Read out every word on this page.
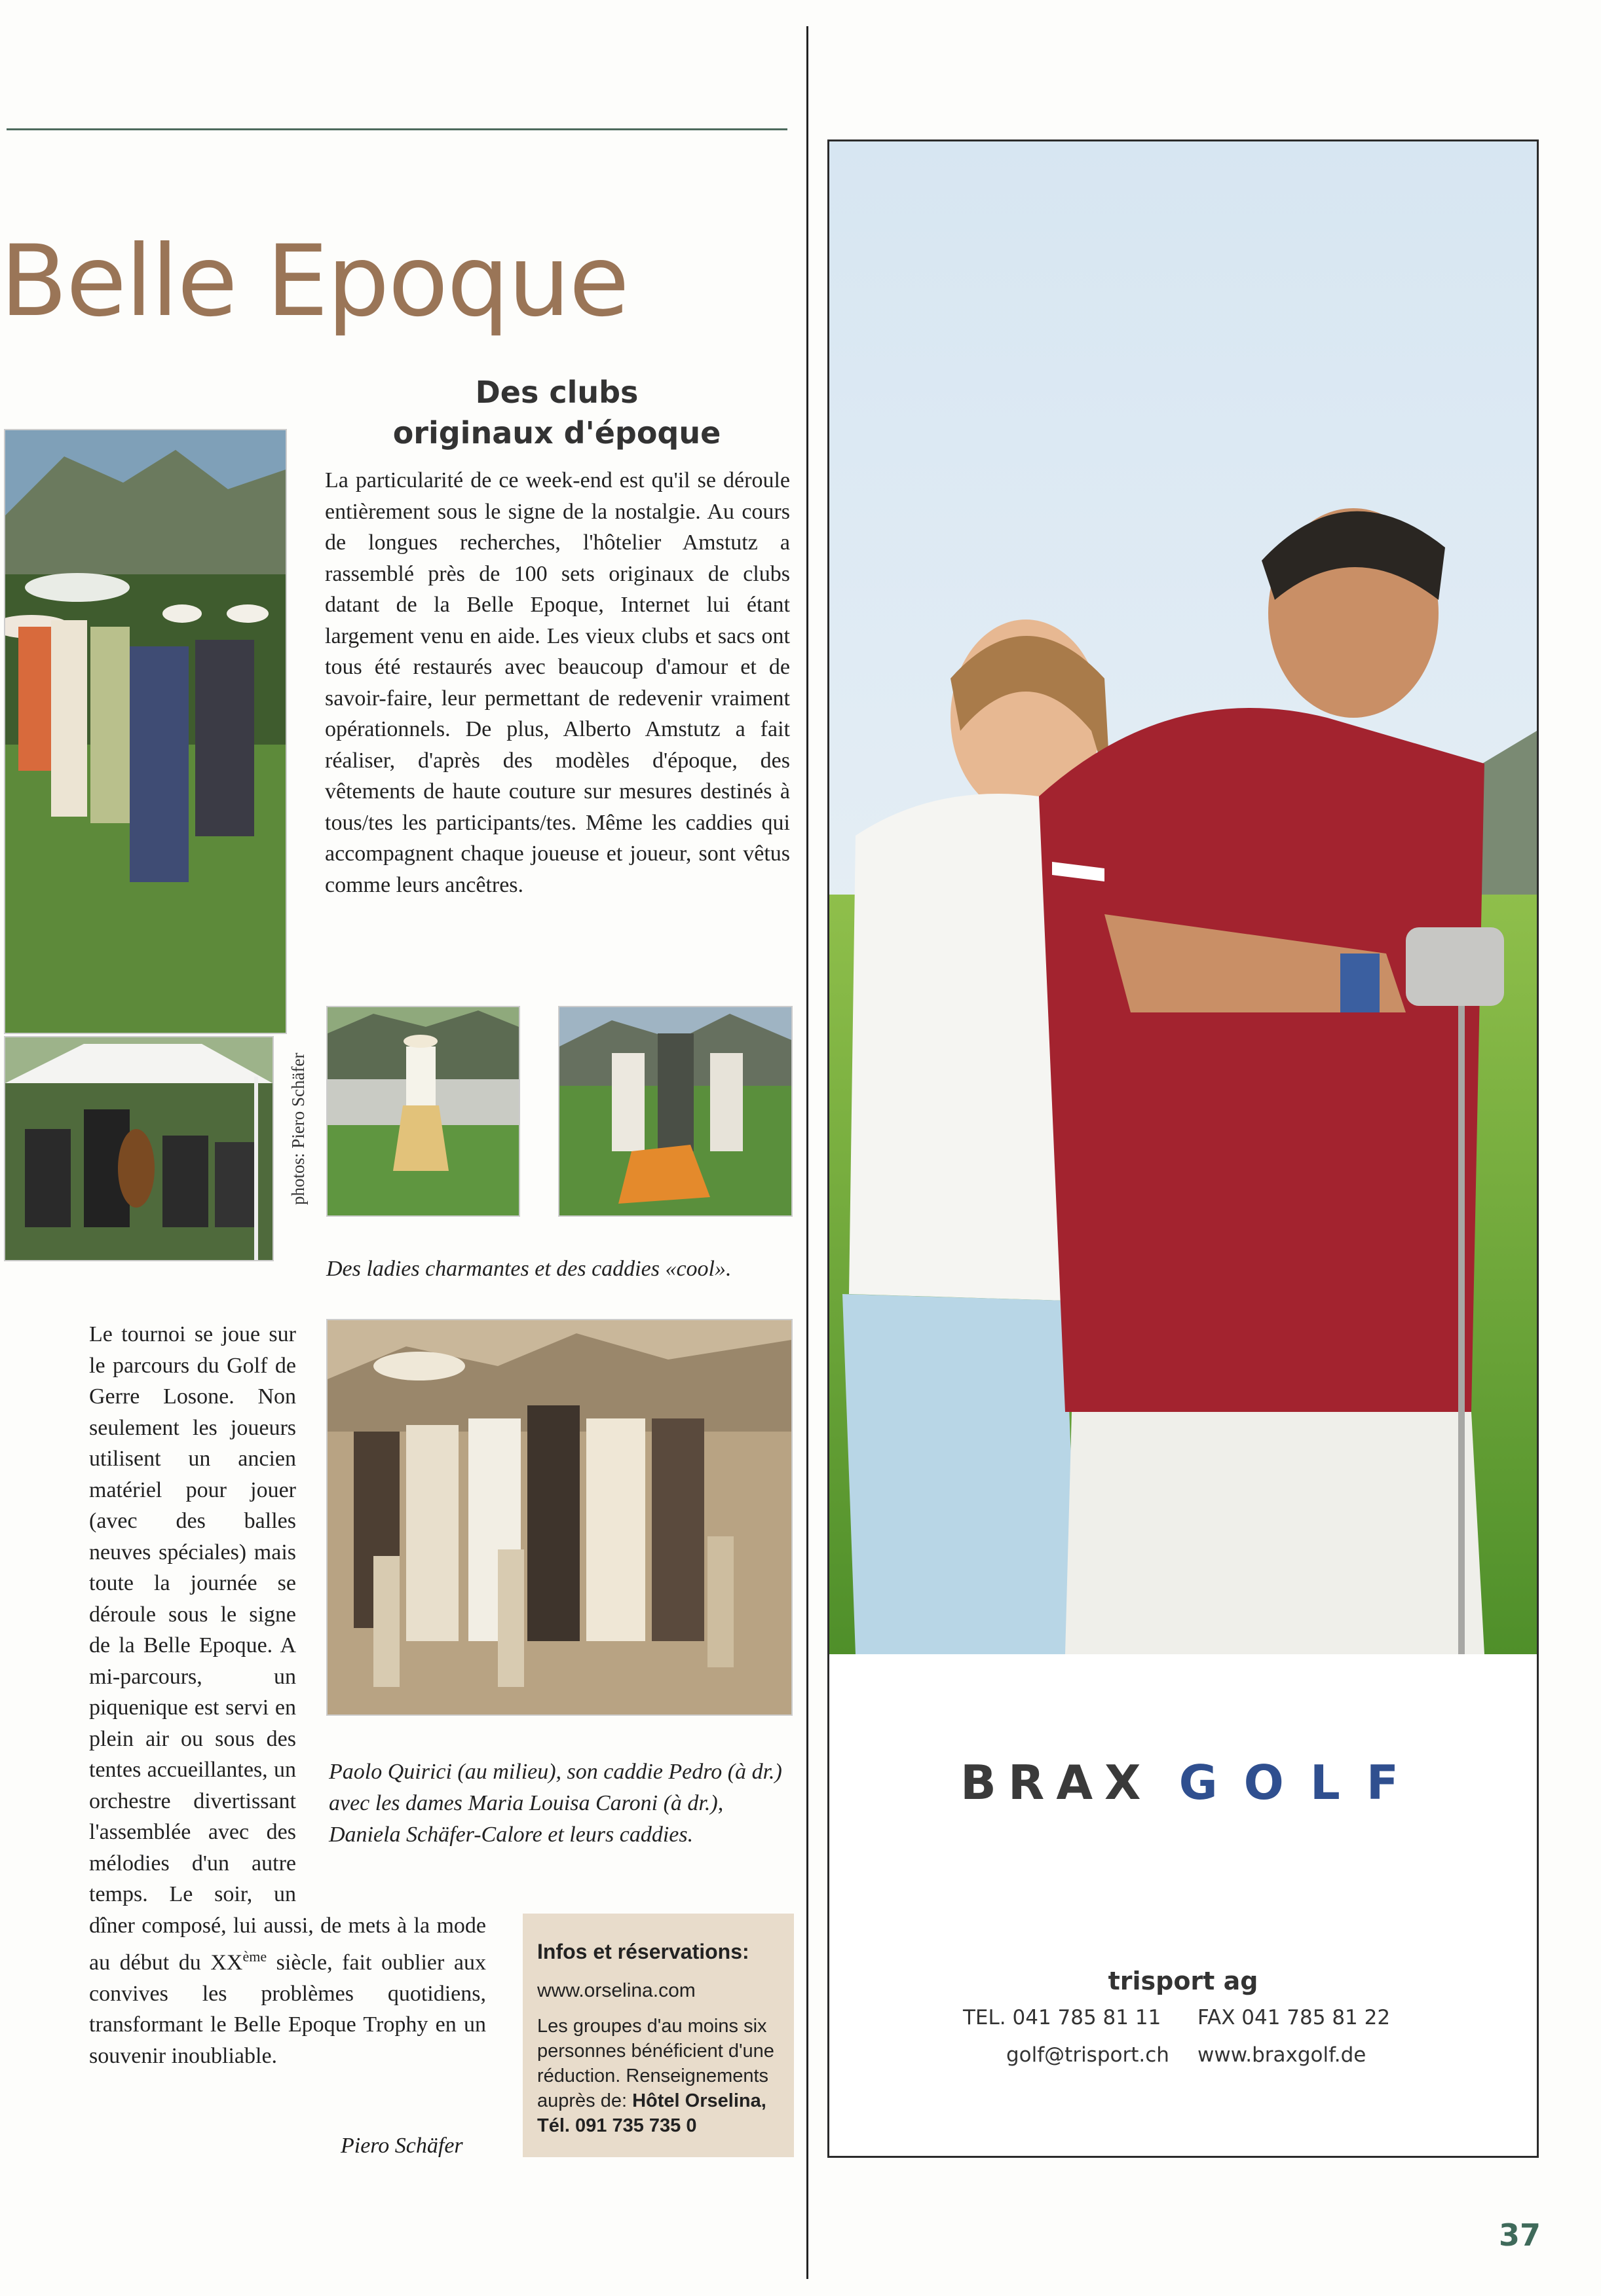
Belle Epoque
Des clubs
originaux d'époque
photos: Piero Schäfer
La particularité de ce week-end est qu'il se déroule entièrement sous le signe de la nostalgie. Au cours de longues recherches, l'hôtelier Amstutz a rassemblé près de 100 sets originaux de clubs datant de la Belle Epoque, Internet lui étant largement venu en aide. Les vieux clubs et sacs ont tous été restaurés avec beaucoup d'amour et de savoir-faire, leur permettant de redevenir vraiment opérationnels. De plus, Alberto Amstutz a fait réaliser, d'après des modèles d'époque, des vêtements de haute couture sur mesures destinés à tous/tes les participants/tes. Même les caddies qui accompagnent chaque joueuse et joueur, sont vêtus comme leurs ancêtres.
Des ladies charmantes et des caddies «cool».
Paolo Quirici (au milieu), son caddie Pedro (à dr.) avec les dames Maria Louisa Caroni (à dr.), Daniela Schäfer-Calore et leurs caddies.
Le tournoi se joue sur le parcours du Golf de Gerre Losone. Non seulement les joueurs utilisent un ancien matériel pour jouer (avec des balles neuves spéciales) mais toute la journée se déroule sous le signe de la Belle Epoque. A mi-parcours, un piquenique est servi en plein air ou sous des tentes accueillantes, un orchestre divertissant l'assemblée avec des mélodies d'un autre temps. Le soir, un dîner composé, lui aussi, de mets à la mode au début du XXème siècle, fait oublier aux convives les problèmes quotidiens, transformant le Belle Epoque Trophy en un souvenir inoubliable.
Piero Schäfer
Infos et réservations:
www.orselina.com
Les groupes d'au moins six personnes bénéficient d'une réduction. Renseignements auprès de: Hôtel Orselina, Tél. 091 735 735 0
BRAX GOLF
trisport ag
TEL. 041 785 81 11 FAX 041 785 81 22
golf@trisport.ch www.braxgolf.de
37
